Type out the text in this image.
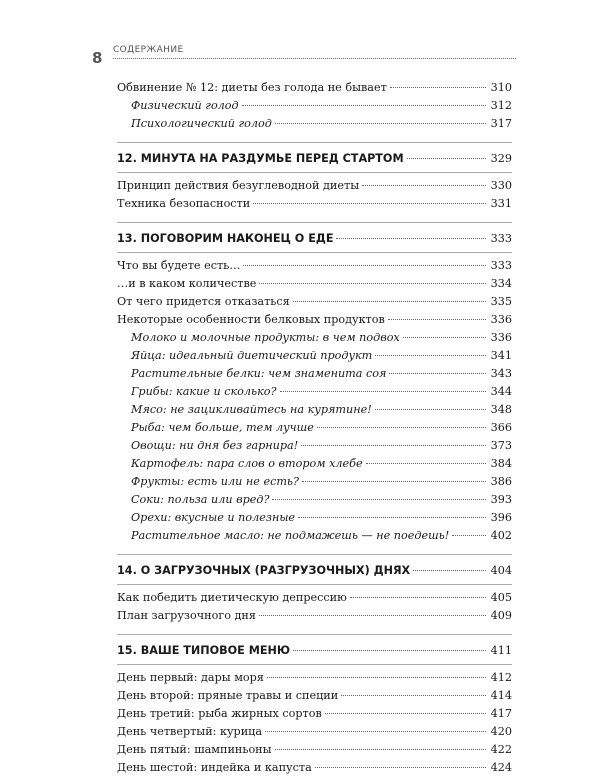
8 СОДЕРЖАНИЕ
Обвинение № 12: диеты без голода не бывает	310
Физический голод	312
Психологический голод	317
12. МИНУТА НА РАЗДУМЬЕ ПЕРЕД СТАРТОМ	329
Принцип действия безуглеводной диеты	330
Техника безопасности	331
13. ПОГОВОРИМ НАКОНЕЦ О ЕДЕ	333
Что вы будете есть…	333
…и в каком количестве	334
От чего придется отказаться	335
Некоторые особенности белковых продуктов	336
Молоко и молочные продукты: в чем подвох	336
Яйца: идеальный диетический продукт	341
Растительные белки: чем знаменита соя	343
Грибы: какие и сколько?	344
Мясо: не зацикливайтесь на курятине!	348
Рыба: чем больше, тем лучше	366
Овощи: ни дня без гарнира!	373
Картофель: пара слов о втором хлебе	384
Фрукты: есть или не есть?	386
Соки: польза или вред?	393
Орехи: вкусные и полезные	396
Растительное масло: не подмажешь — не поедешь!	402
14. О ЗАГРУЗОЧНЫХ (РАЗГРУЗОЧНЫХ) ДНЯХ	404
Как победить диетическую депрессию	405
План загрузочного дня	409
15. ВАШЕ ТИПОВОЕ МЕНЮ	411
День первый: дары моря	412
День второй: пряные травы и специи	414
День третий: рыба жирных сортов	417
День четвертый: курица	420
День пятый: шампиньоны	422
День шестой: индейка и капуста	424
